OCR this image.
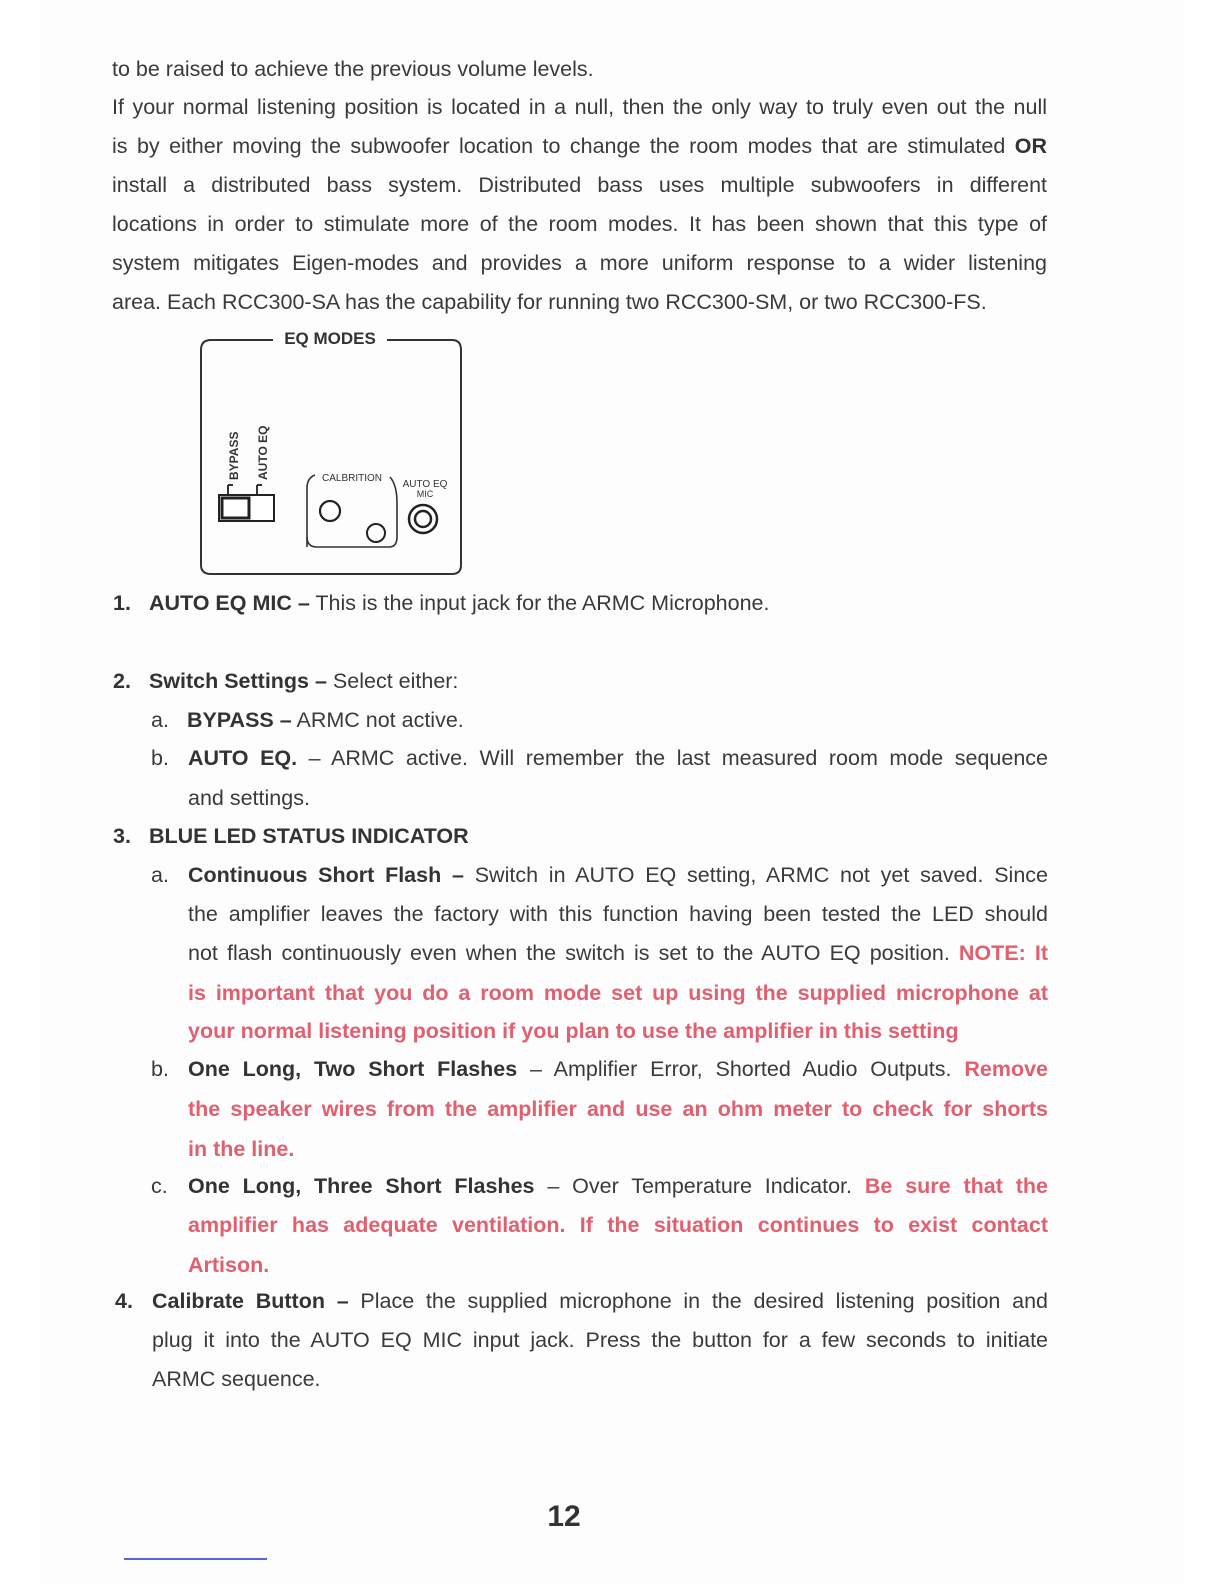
to be raised to achieve the previous volume levels.
If your normal listening position is located in a null, then the only way to truly even out the null
is by either moving the subwoofer location to change the room modes that are stimulated OR
install a distributed bass system. Distributed bass uses multiple subwoofers in different
locations in order to stimulate more of the room modes. It has been shown that this type of
system mitigates Eigen-modes and provides a more uniform response to a wider listening
area. Each RCC300-SA has the capability for running two RCC300-SM, or two RCC300-FS.
EQ MODES
BYPASS AUTO EQ	CALBRITION
AUTO EQ
MIC
1. AUTO EQ MIC – This is the input jack for the ARMC Microphone.
2. Switch Settings – Select either:
a. BYPASS – ARMC not active.
b. AUTO EQ. – ARMC active. Will remember the last measured room mode sequence
and settings.
3. BLUE LED STATUS INDICATOR
a. Continuous Short Flash – Switch in AUTO EQ setting, ARMC not yet saved. Since
the amplifier leaves the factory with this function having been tested the LED should
not flash continuously even when the switch is set to the AUTO EQ position. NOTE: It
is important that you do a room mode set up using the supplied microphone at
your normal listening position if you plan to use the amplifier in this setting
b. One Long, Two Short Flashes – Amplifier Error, Shorted Audio Outputs. Remove
the speaker wires from the amplifier and use an ohm meter to check for shorts
in the line.
c. One Long, Three Short Flashes – Over Temperature Indicator. Be sure that the
amplifier has adequate ventilation. If the situation continues to exist contact
Artison.
4. Calibrate Button – Place the supplied microphone in the desired listening position and
plug it into the AUTO EQ MIC input jack. Press the button for a few seconds to initiate
ARMC sequence.
12
